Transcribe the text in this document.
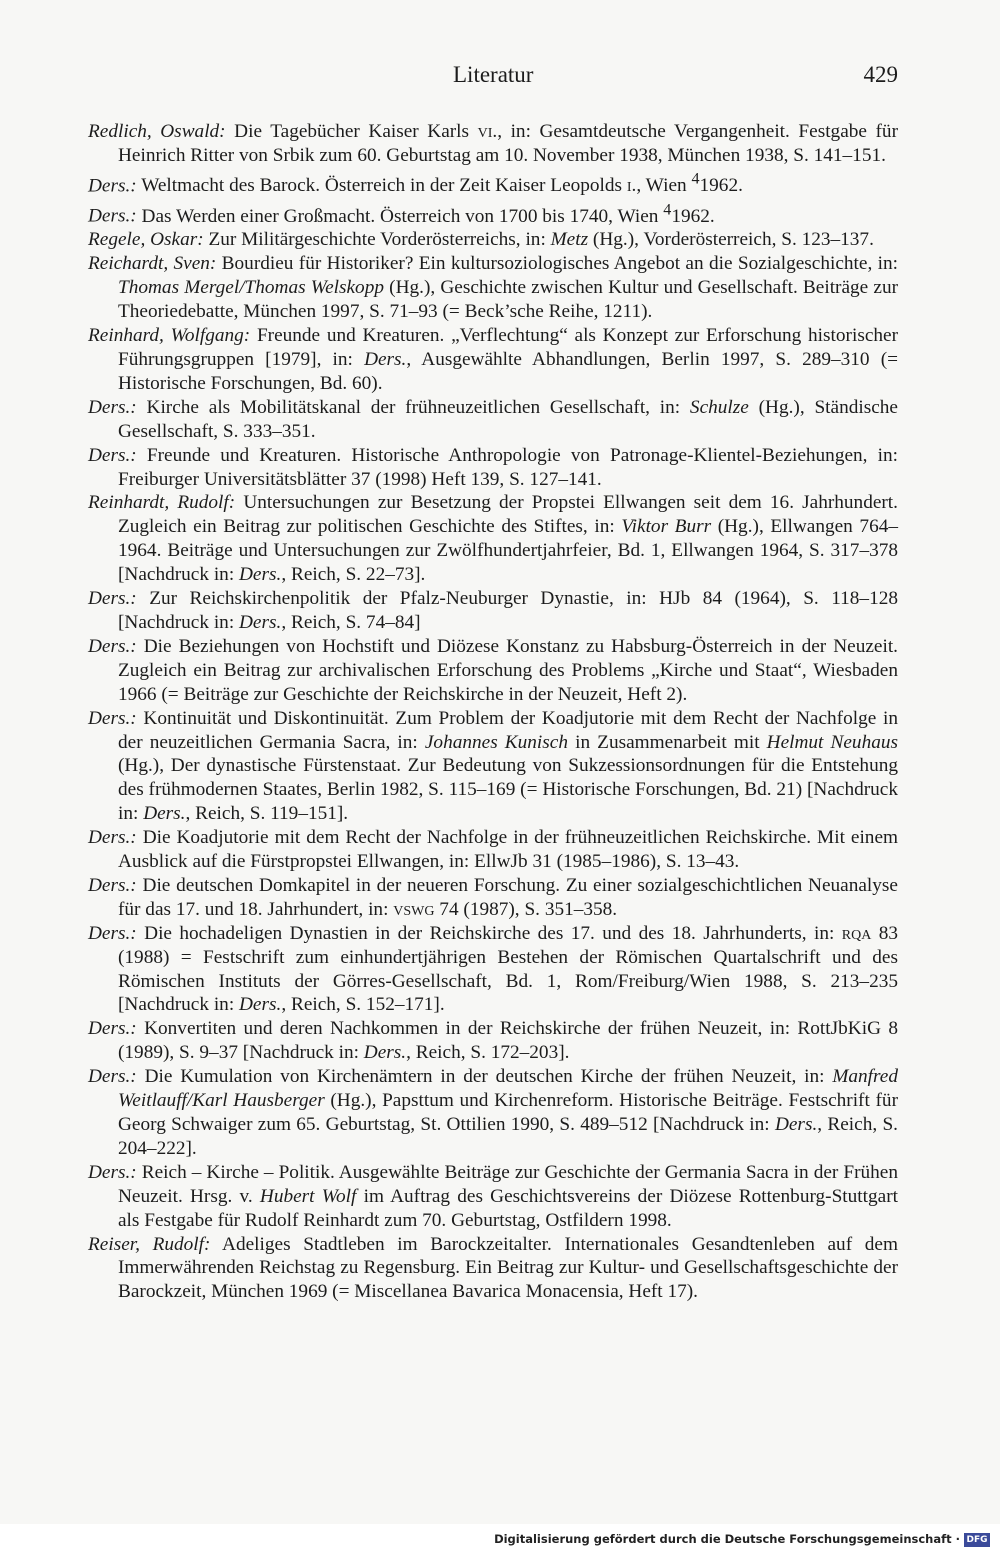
Literatur	429

Redlich, Oswald: Die Tagebücher Kaiser Karls vi., in: Gesamtdeutsche Vergangenheit. Festgabe für Heinrich Ritter von Srbik zum 60. Geburtstag am 10. November 1938, München 1938, S. 141–151.

Ders.: Weltmacht des Barock. Österreich in der Zeit Kaiser Leopolds i., Wien $^4$1962.

Ders.: Das Werden einer Großmacht. Österreich von 1700 bis 1740, Wien $^4$1962.

Regele, Oskar: Zur Militärgeschichte Vorderösterreichs, in: Metz (Hg.), Vorderösterreich, S. 123–137.

Reichardt, Sven: Bourdieu für Historiker? Ein kultursoziologisches Angebot an die Sozialgeschichte, in: Thomas Mergel/Thomas Welskopp (Hg.), Geschichte zwischen Kultur und Gesellschaft. Beiträge zur Theoriedebatte, München 1997, S. 71–93 (= Beck’sche Reihe, 1211).

Reinhard, Wolfgang: Freunde und Kreaturen. „Verflechtung“ als Konzept zur Erforschung historischer Führungsgruppen [1979], in: Ders., Ausgewählte Abhandlungen, Berlin 1997, S. 289–310 (= Historische Forschungen, Bd. 60).

Ders.: Kirche als Mobilitätskanal der frühneuzeitlichen Gesellschaft, in: Schulze (Hg.), Ständische Gesellschaft, S. 333–351.

Ders.: Freunde und Kreaturen. Historische Anthropologie von Patronage-Klientel-Beziehungen, in: Freiburger Universitätsblätter 37 (1998) Heft 139, S. 127–141.

Reinhardt, Rudolf: Untersuchungen zur Besetzung der Propstei Ellwangen seit dem 16. Jahrhundert. Zugleich ein Beitrag zur politischen Geschichte des Stiftes, in: Viktor Burr (Hg.), Ellwangen 764–1964. Beiträge und Untersuchungen zur Zwölfhundertjahrfeier, Bd. 1, Ellwangen 1964, S. 317–378 [Nachdruck in: Ders., Reich, S. 22–73].

Ders.: Zur Reichskirchenpolitik der Pfalz-Neuburger Dynastie, in: HJb 84 (1964), S. 118–128 [Nachdruck in: Ders., Reich, S. 74–84]

Ders.: Die Beziehungen von Hochstift und Diözese Konstanz zu Habsburg-Österreich in der Neuzeit. Zugleich ein Beitrag zur archivalischen Erforschung des Problems „Kirche und Staat“, Wiesbaden 1966 (= Beiträge zur Geschichte der Reichskirche in der Neuzeit, Heft 2).

Ders.: Kontinuität und Diskontinuität. Zum Problem der Koadjutorie mit dem Recht der Nachfolge in der neuzeitlichen Germania Sacra, in: Johannes Kunisch in Zusammenarbeit mit Helmut Neuhaus (Hg.), Der dynastische Fürstenstaat. Zur Bedeutung von Sukzessionsordnungen für die Entstehung des frühmodernen Staates, Berlin 1982, S. 115–169 (= Historische Forschungen, Bd. 21) [Nachdruck in: Ders., Reich, S. 119–151].

Ders.: Die Koadjutorie mit dem Recht der Nachfolge in der frühneuzeitlichen Reichskirche. Mit einem Ausblick auf die Fürstpropstei Ellwangen, in: EllwJb 31 (1985–1986), S. 13–43.

Ders.: Die deutschen Domkapitel in der neueren Forschung. Zu einer sozialgeschichtlichen Neuanalyse für das 17. und 18. Jahrhundert, in: vswg 74 (1987), S. 351–358.

Ders.: Die hochadeligen Dynastien in der Reichskirche des 17. und des 18. Jahrhunderts, in: rqa 83 (1988) = Festschrift zum einhundertjährigen Bestehen der Römischen Quartalschrift und des Römischen Instituts der Görres-Gesellschaft, Bd. 1, Rom/Freiburg/Wien 1988, S. 213–235 [Nachdruck in: Ders., Reich, S. 152–171].

Ders.: Konvertiten und deren Nachkommen in der Reichskirche der frühen Neuzeit, in: RottJbKiG 8 (1989), S. 9–37 [Nachdruck in: Ders., Reich, S. 172–203].

Ders.: Die Kumulation von Kirchenämtern in der deutschen Kirche der frühen Neuzeit, in: Manfred Weitlauff/Karl Hausberger (Hg.), Papsttum und Kirchenreform. Historische Beiträge. Festschrift für Georg Schwaiger zum 65. Geburtstag, St. Ottilien 1990, S. 489–512 [Nachdruck in: Ders., Reich, S. 204–222].

Ders.: Reich – Kirche – Politik. Ausgewählte Beiträge zur Geschichte der Germania Sacra in der Frühen Neuzeit. Hrsg. v. Hubert Wolf im Auftrag des Geschichtsvereins der Diözese Rottenburg-Stuttgart als Festgabe für Rudolf Reinhardt zum 70. Geburtstag, Ostfildern 1998.

Reiser, Rudolf: Adeliges Stadtleben im Barockzeitalter. Internationales Gesandtenleben auf dem Immerwährenden Reichstag zu Regensburg. Ein Beitrag zur Kultur- und Gesellschaftsgeschichte der Barockzeit, München 1969 (= Miscellanea Bavarica Monacensia, Heft 17).

Digitalisierung gefördert durch die Deutsche Forschungsgemeinschaft · DFG
